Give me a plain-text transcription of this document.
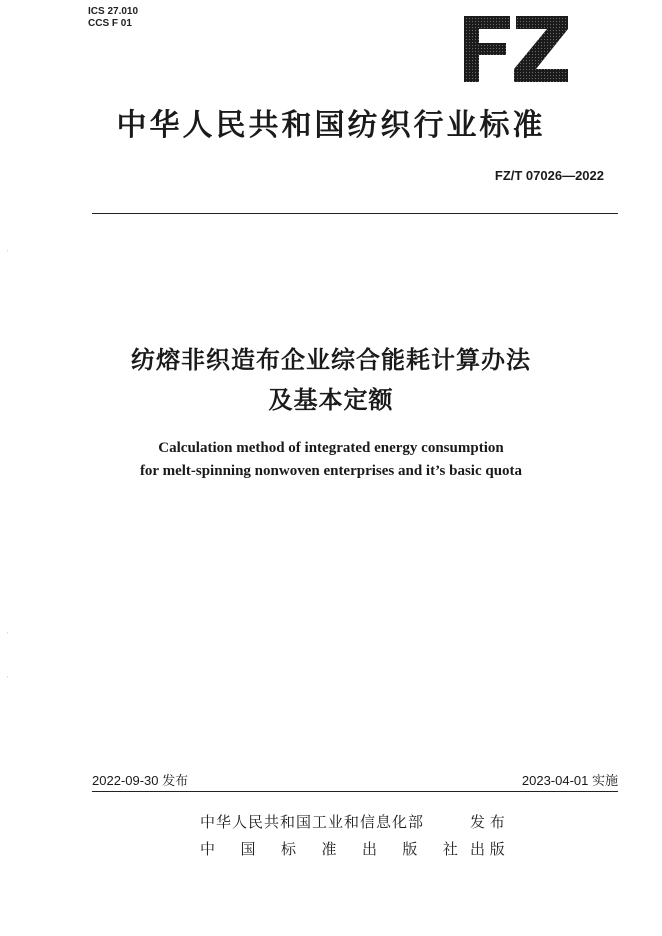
ICS 27.010
CCS F 01
中华人民共和国纺织行业标准
FZ/T 07026—2022
˙
˙
˙
纺熔非织造布企业综合能耗计算办法
及基本定额
Calculation method of integrated energy consumption
for melt-spinning nonwoven enterprises and it’s basic quota
2022-09-30 发布	2023-04-01 实施
中华人民共和国工业和信息化部	发 布
中 国 标 准 出 版 社 出 版
